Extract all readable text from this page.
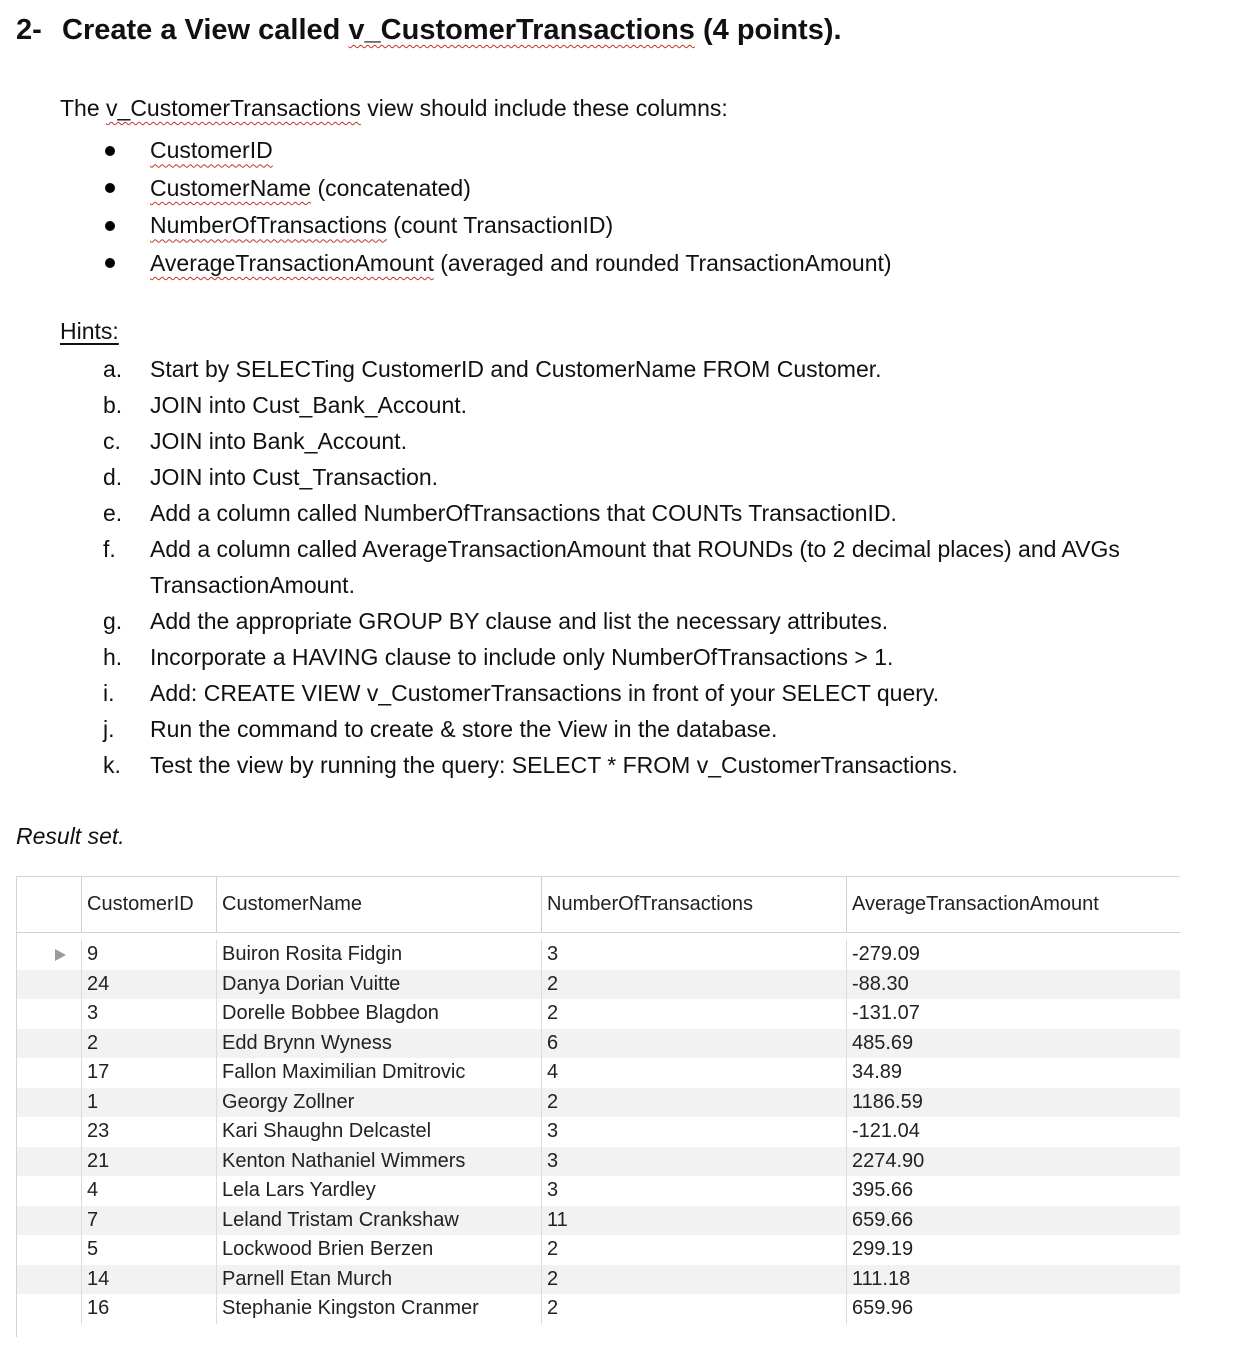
2- Create a View called v_CustomerTransactions (4 points).
The v_CustomerTransactions view should include these columns:
CustomerID

CustomerName
(concatenated)
NumberOfTransactions
(count TransactionID)
AverageTransactionAmount
(averaged and rounded TransactionAmount)
Hints:
a.	Start by SELECTing CustomerID and CustomerName FROM Customer.
b.	JOIN into Cust_Bank_Account.
c.	JOIN into Bank_Account.
d.	JOIN into Cust_Transaction.
e.	Add a column called NumberOfTransactions that COUNTs TransactionID.
f.	Add a column called AverageTransactionAmount that ROUNDs (to 2 decimal places) and AVGs TransactionAmount.
g.	Add the appropriate GROUP BY clause and list the necessary attributes.
h.	Incorporate a HAVING clause to include only NumberOfTransactions > 1.
i.	Add: CREATE VIEW v_CustomerTransactions in front of your SELECT query.
j.	Run the command to create & store the View in the database.
k.	Test the view by running the query: SELECT * FROM v_CustomerTransactions.
Result set.
CustomerID	CustomerName	NumberOfTransactions	AverageTransactionAmount
9	Buiron Rosita Fidgin	3	-279.09
24	Danya Dorian Vuitte	2	-88.30
3	Dorelle Bobbee Blagdon	2	-131.07
2	Edd Brynn Wyness	6	485.69
17	Fallon Maximilian Dmitrovic	4	34.89
1	Georgy Zollner	2	1186.59
23	Kari Shaughn Delcastel	3	-121.04
21	Kenton Nathaniel Wimmers	3	2274.90
4	Lela Lars Yardley	3	395.66
7	Leland Tristam Crankshaw	11	659.66
5	Lockwood Brien Berzen	2	299.19
14	Parnell Etan Murch	2	111.18
16	Stephanie Kingston Cranmer	2	659.96
